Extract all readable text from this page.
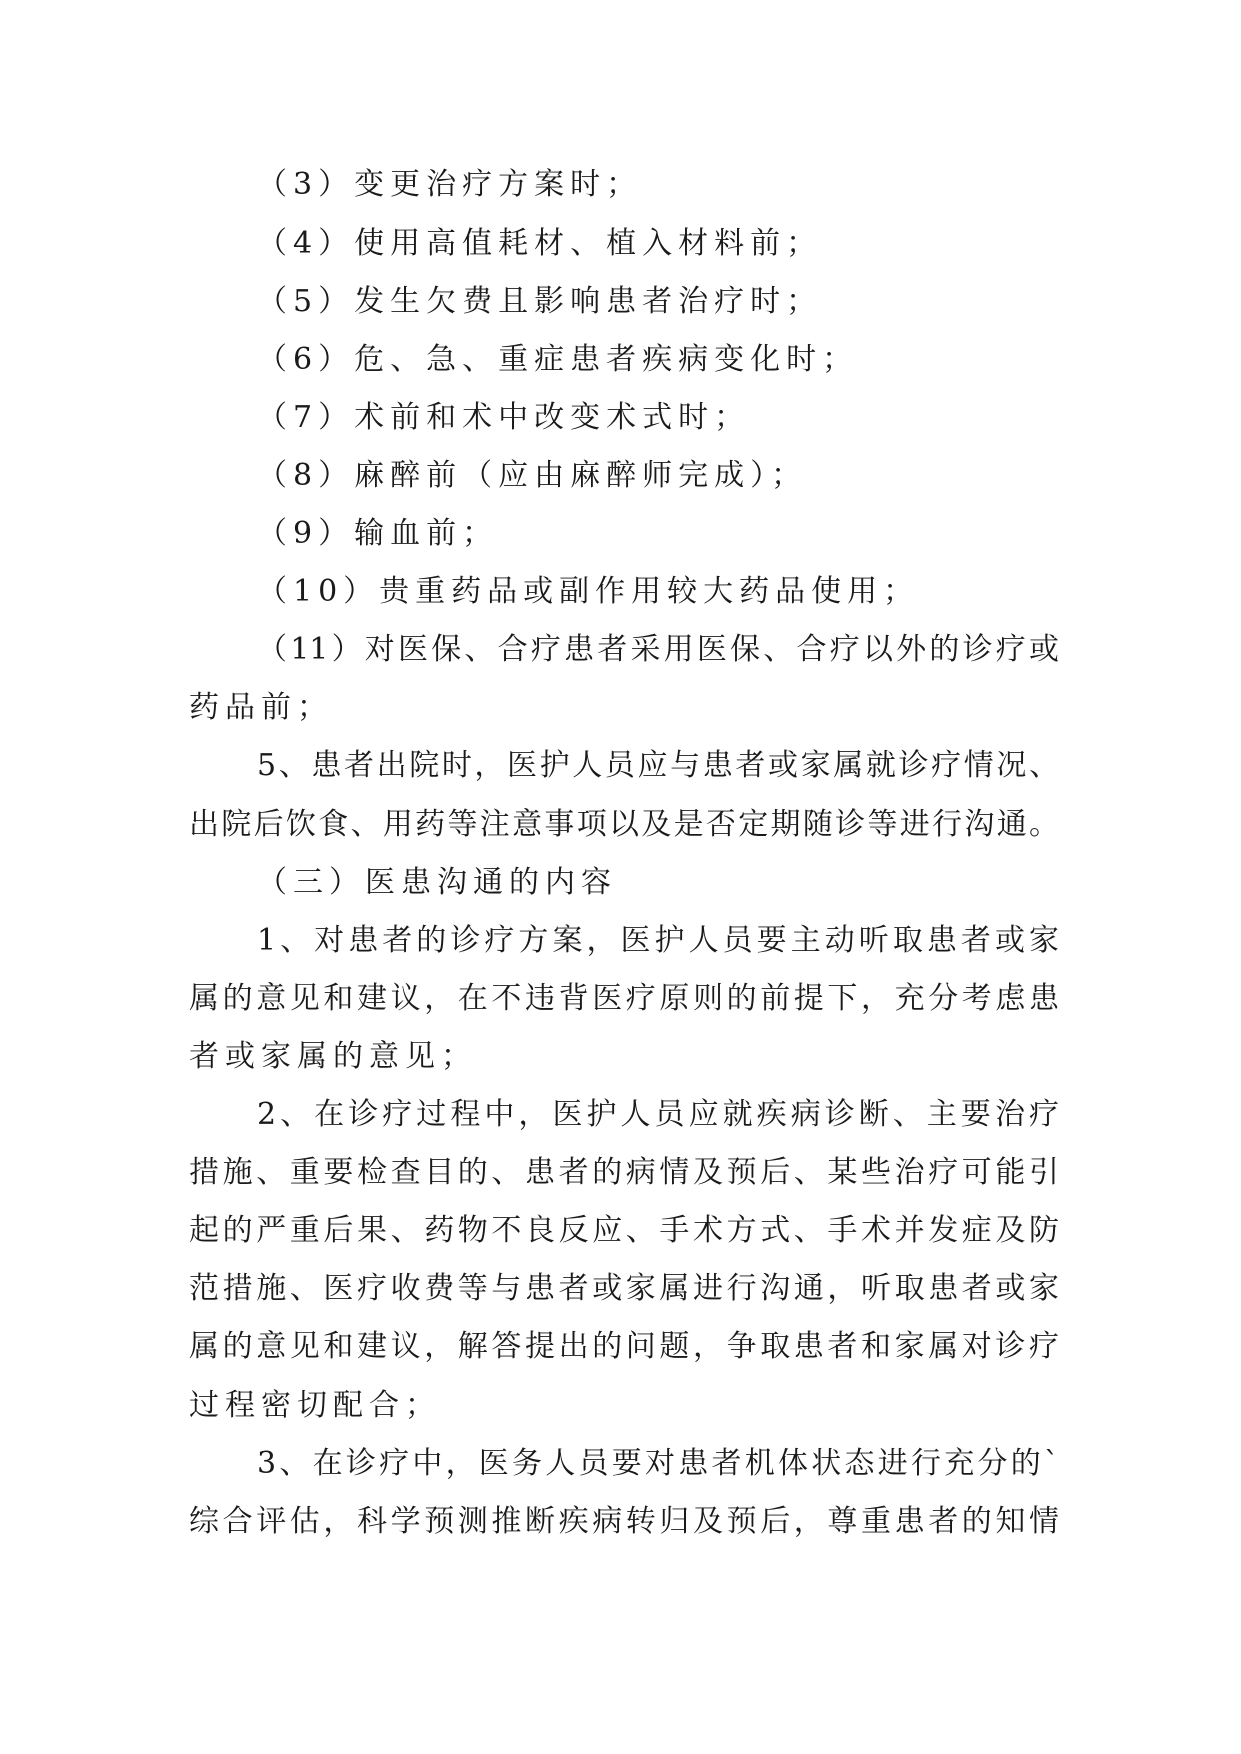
（3）变更治疗方案时；

（4）使用高值耗材、植入材料前；

（5）发生欠费且影响患者治疗时；

（6）危、急、重症患者疾病变化时；

（7）术前和术中改变术式时；

（8）麻醉前（应由麻醉师完成）；

（9）输血前；

（10）贵重药品或副作用较大药品使用；

（11）对医保、合疗患者采用医保、合疗以外的诊疗或

药品前；

5、患者出院时，医护人员应与患者或家属就诊疗情况、

出院后饮食、用药等注意事项以及是否定期随诊等进行沟通。

（三）医患沟通的内容

1、对患者的诊疗方案，医护人员要主动听取患者或家

属的意见和建议，在不违背医疗原则的前提下，充分考虑患

者或家属的意见；

2、在诊疗过程中，医护人员应就疾病诊断、主要治疗

措施、重要检查目的、患者的病情及预后、某些治疗可能引

起的严重后果、药物不良反应、手术方式、手术并发症及防

范措施、医疗收费等与患者或家属进行沟通，听取患者或家

属的意见和建议，解答提出的问题，争取患者和家属对诊疗

过程密切配合；

3、在诊疗中，医务人员要对患者机体状态进行充分的`

综合评估，科学预测推断疾病转归及预后，尊重患者的知情
